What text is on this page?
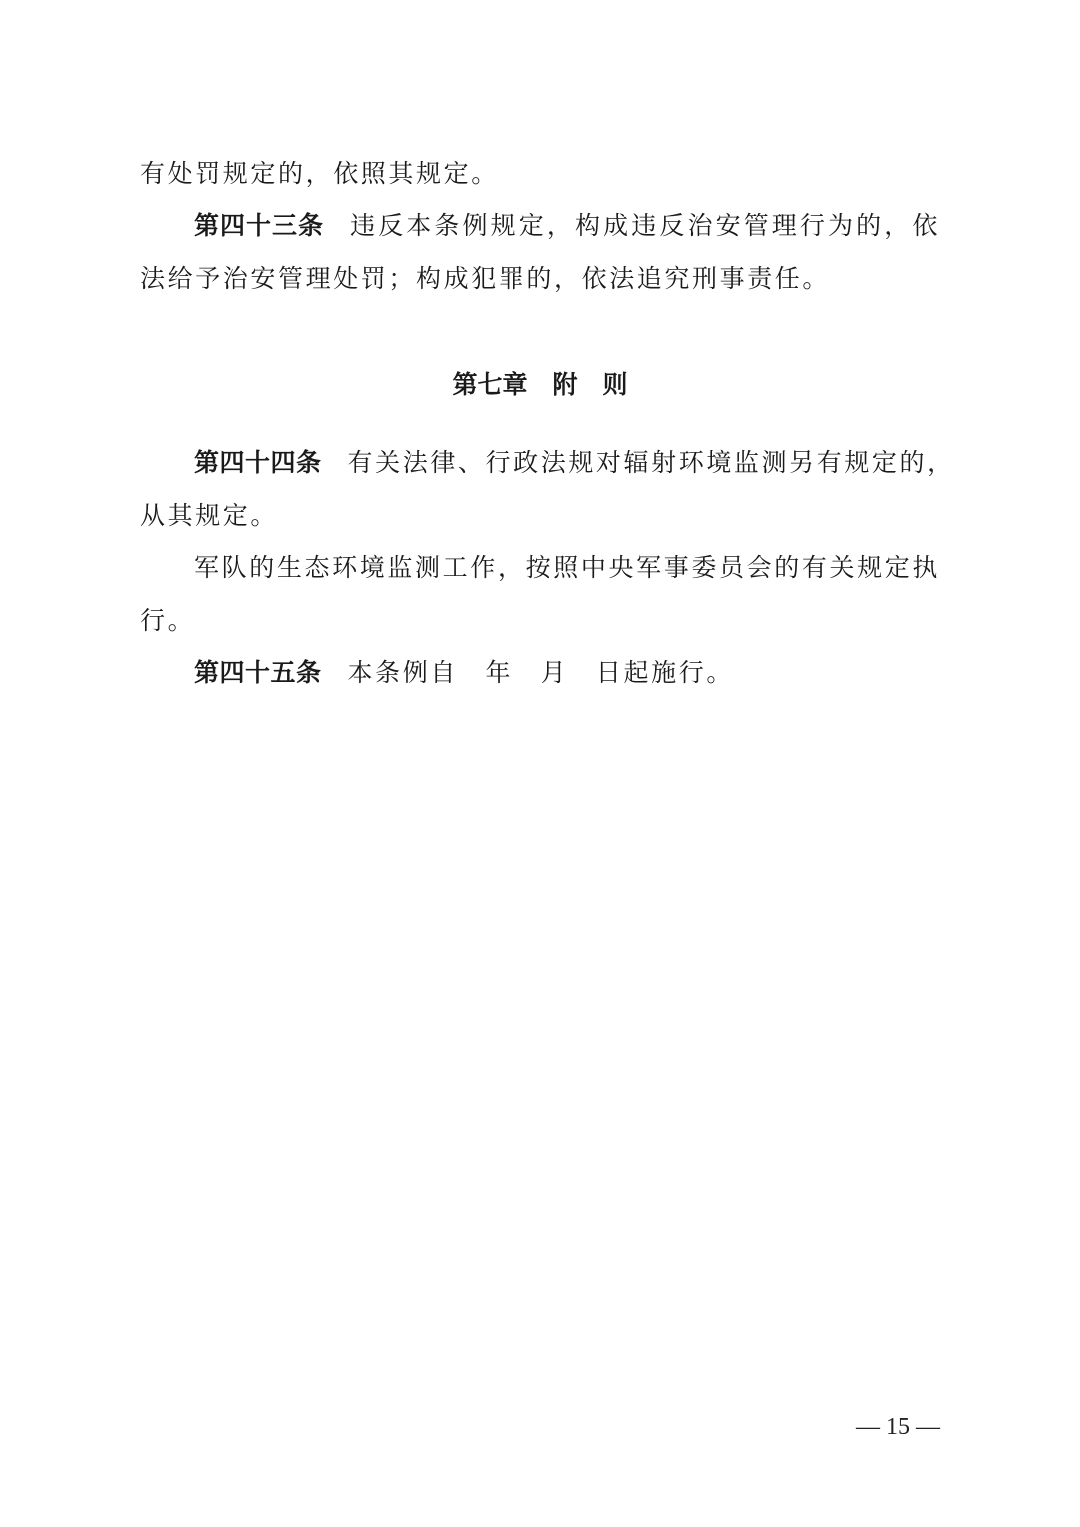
有处罚规定的，依照其规定。
第四十三条 违反本条例规定，构成违反治安管理行为的，依
法给予治安管理处罚；构成犯罪的，依法追究刑事责任。
第七章　附　则
第四十四条 有关法律、行政法规对辐射环境监测另有规定的，
从其规定。
军队的生态环境监测工作，按照中央军事委员会的有关规定执
行。
第四十五条 本条例自　年　月　日起施行。
— 15 —
